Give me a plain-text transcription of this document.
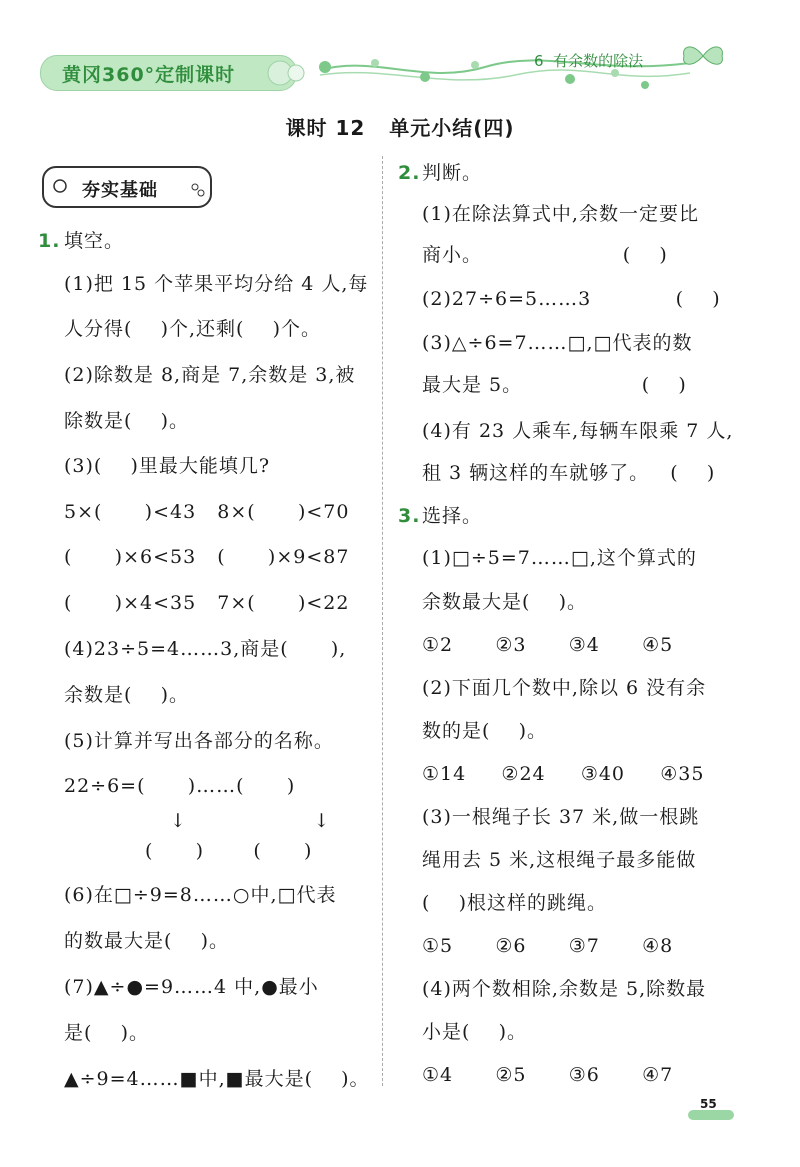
黄冈360°定制课时
6  有余数的除法
课时 12   单元小结(四)
夯实基础
1. 填空。
(1)把 15 个苹果平均分给 4 人,每
人分得(    )个,还剩(    )个。
(2)除数是 8,商是 7,余数是 3,被
除数是(    )。
(3)(    )里最大能填几?
5×(      )<43   8×(      )<70
(      )×6<53   (      )×9<87
(      )×4<35   7×(      )<22
(4)23÷5=4……3,商是(      ),
余数是(    )。
(5)计算并写出各部分的名称。
22÷6=(      )……(      )
↓                  ↓
(      )       (      )
(6)在□÷9=8……○中,□代表
的数最大是(    )。
(7)▲÷●=9……4 中,●最小
是(    )。
▲÷9=4……■中,■最大是(    )。
2. 判断。
(1)在除法算式中,余数一定要比
商小。                    (    )
(2)27÷6=5……3            (    )
(3)△÷6=7……□,□代表的数
最大是 5。                 (    )
(4)有 23 人乘车,每辆车限乘 7 人,
租 3 辆这样的车就够了。   (    )
3. 选择。
(1)□÷5=7……□,这个算式的
余数最大是(    )。
①2      ②3      ③4      ④5
(2)下面几个数中,除以 6 没有余
数的是(    )。
①14     ②24     ③40     ④35
(3)一根绳子长 37 米,做一根跳
绳用去 5 米,这根绳子最多能做
(    )根这样的跳绳。
①5      ②6      ③7      ④8
(4)两个数相除,余数是 5,除数最
小是(    )。
①4      ②5      ③6      ④7
55
